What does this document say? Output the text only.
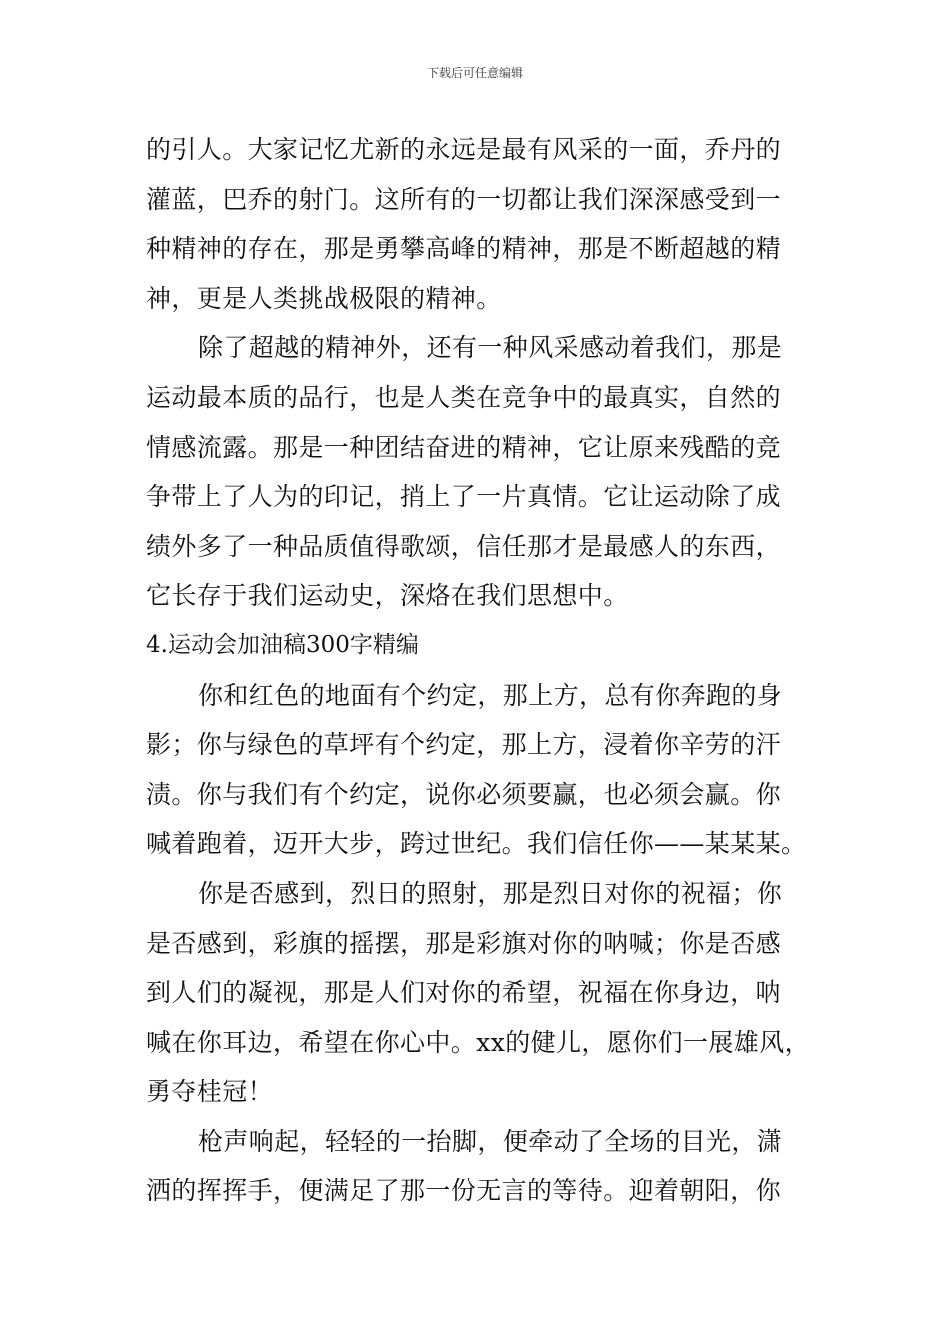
下载后可任意编辑
的引人。大家记忆尤新的永远是最有风采的一面，乔丹的
灌蓝，巴乔的射门。这所有的一切都让我们深深感受到一
种精神的存在，那是勇攀高峰的精神，那是不断超越的精
神，更是人类挑战极限的精神。
除了超越的精神外，还有一种风采感动着我们，那是
运动最本质的品行，也是人类在竞争中的最真实，自然的
情感流露。那是一种团结奋进的精神，它让原来残酷的竞
争带上了人为的印记，捎上了一片真情。它让运动除了成
绩外多了一种品质值得歌颂，信任那才是最感人的东西，
它长存于我们运动史，深烙在我们思想中。
4.运动会加油稿300字精编
你和红色的地面有个约定，那上方，总有你奔跑的身
影；你与绿色的草坪有个约定，那上方，浸着你辛劳的汗
渍。你与我们有个约定，说你必须要赢，也必须会赢。你
喊着跑着，迈开大步，跨过世纪。我们信任你——某某某。
你是否感到，烈日的照射，那是烈日对你的祝福；你
是否感到，彩旗的摇摆，那是彩旗对你的呐喊；你是否感
到人们的凝视，那是人们对你的希望，祝福在你身边，呐
喊在你耳边，希望在你心中。xx的健儿，愿你们一展雄风，
勇夺桂冠！
枪声响起，轻轻的一抬脚，便牵动了全场的目光，潇
洒的挥挥手，便满足了那一份无言的等待。迎着朝阳，你
